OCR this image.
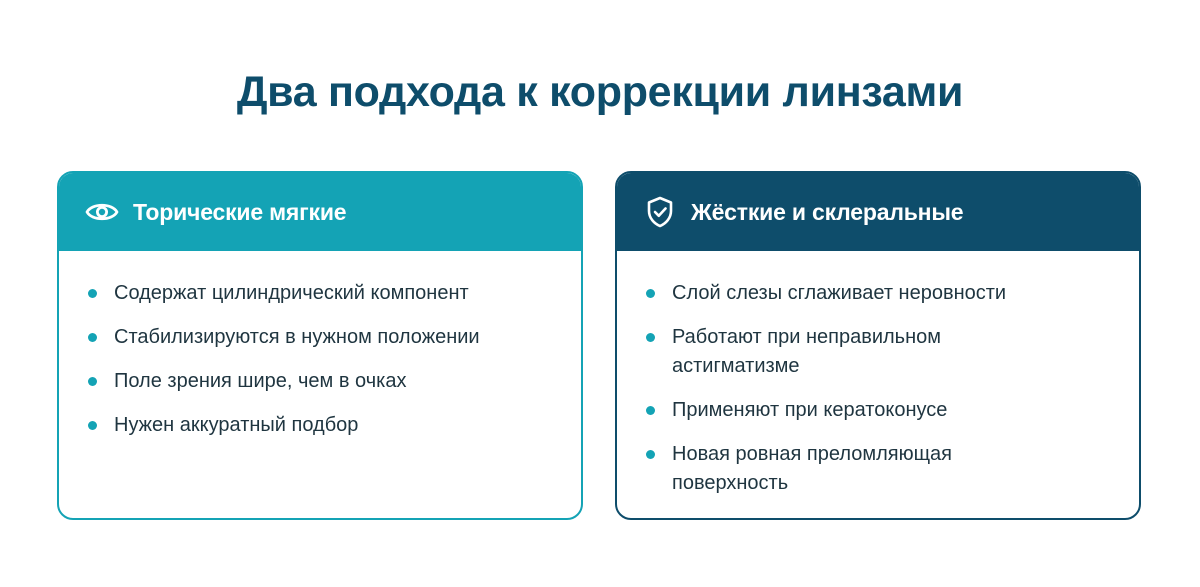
Два подхода к коррекции линзами
Торические мягкие
Содержат цилиндрический компонент
Стабилизируются в нужном положении
Поле зрения шире, чем в очках
Нужен аккуратный подбор
Жёсткие и склеральные
Слой слезы сглаживает неровности
Работают при неправильном астигматизме
Применяют при кератоконусе
Новая ровная преломляющая поверхность
